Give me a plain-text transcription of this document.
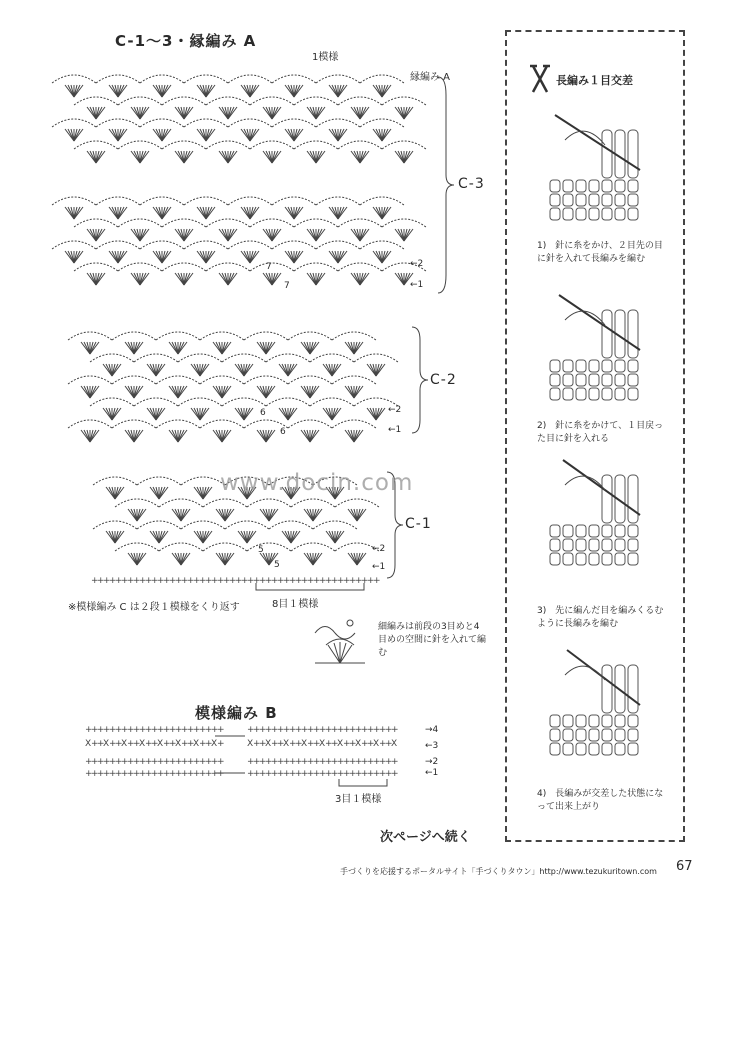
C-1～3・縁編み A
1模様
縁編み A
+
+
+
+
+
+
+
+
+
+
+
+
+
+
+
+
+
+
+
+
+
+
+
+
+
+
+
+
+
+
+
+
+
+
+
+
+
+
+
+
+
+
+
+
+
+
+
+
C-3
C-2
C-1
←2
←1
←2
←1
←2
←1
7
7
6
6
5
5
www.docin.com
※模様編み C は２段１模様をくり返す	8目１模様
細編みは前段の3目めと4目めの空間に針を入れて編む
模様編み B
+
+
+
+
+
+
+
+
+
+
+
+
+
+
+
+
+
+
+
+
+
+
+ +
+
+
+
+
+
+
+
+
+
+
+
+
+
+
+
+
+
+
+
+
+
+
+
+
X +
+
X +
+
X +
+
X +
+
X +
+
X +
+
X +
+
X + X +
+
X +
+
X +
+
X +
+
X +
+
X +
+
X +
+
X +
+
X
+
+
+
+
+
+
+
+
+
+
+
+
+
+
+
+
+
+
+
+
+
+
+ +
+
+
+
+
+
+
+
+
+
+
+
+
+
+
+
+
+
+
+
+
+
+
+
+
+
+
+
+
+
+
+
+
+
+
+
+
+
+
+
+
+
+
+
+
+
+
+ +
+
+
+
+
+
+
+
+
+
+
+
+
+
+
+
+
+
+
+
+
+
+
+
+
→4
←3
→2
←1
3目１模様
長編み１目交差
1)　 針に糸をかけ、２目先の目に針を入れて長編みを編む
2)　 針に糸をかけて、１目戻った目に針を入れる
3)　 先に編んだ目を編みくるむように長編みを編む
4)　 長編みが交差した状態になって出来上がり
次ページへ続く
手づくりを応援するポータルサイト「手づくりタウン」http://www.tezukuritown.com 67
